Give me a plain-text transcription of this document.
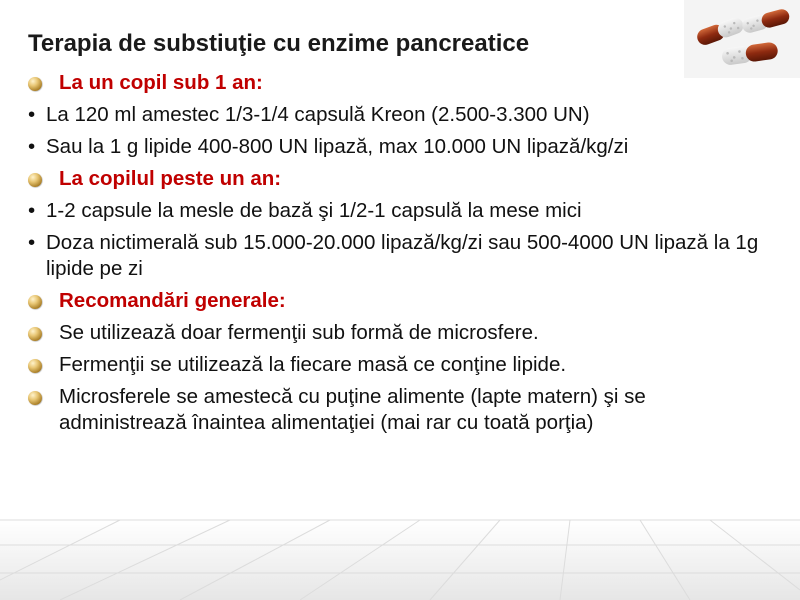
Terapia de substiuţie cu enzime pancreatice
La un copil sub 1 an:
• La 120 ml amestec 1/3-1/4 capsulă Kreon (2.500-3.300 UN)
• Sau la 1 g lipide 400-800 UN lipază, max 10.000 UN lipază/kg/zi
La copilul peste un an:
• 1-2 capsule la mesle de bază şi 1/2-1 capsulă la mese mici
• Doza nictimerală sub 15.000-20.000 lipază/kg/zi sau 500-4000 UN lipază la 1g lipide pe zi
Recomandări generale:
Se utilizează doar fermenţii sub formă de microsfere.
Fermenţii se utilizează la fiecare masă ce conţine lipide.
Microsferele se amestecă cu puţine alimente (lapte matern) şi se administrează înaintea alimentaţiei (mai rar cu toată porţia)
